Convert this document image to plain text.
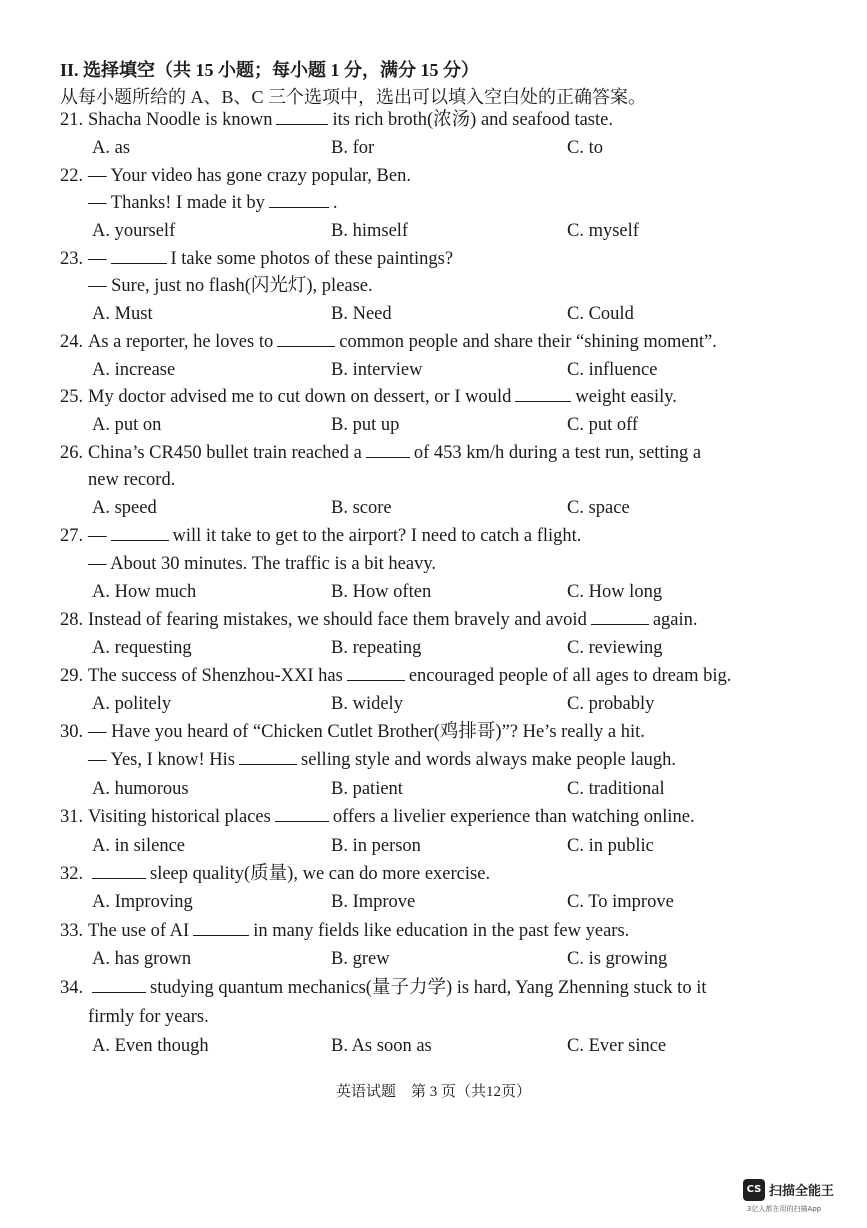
II. 选择填空（共 15 小题；每小题 1 分，满分 15 分）
从每小题所给的 A、B、C 三个选项中，选出可以填入空白处的正确答案。
21. Shacha Noodle is known	its rich broth(浓汤) and seafood taste.
A. as	B. for	C. to
22. — Your video has gone crazy popular, Ben.
— Thanks! I made it by	.
A. yourself	B. himself	C. myself
23. —	I take some photos of these paintings?
— Sure, just no flash(闪光灯), please.
A. Must	B. Need	C. Could
24. As a reporter, he loves to	common people and share their “shining moment”.
A. increase	B. interview	C. influence
25. My doctor advised me to cut down on dessert, or I would	weight easily.
A. put on	B. put up	C. put off
26. China’s CR450 bullet train reached a	of 453 km/h during a test run, setting a
new record.
A. speed	B. score	C. space
27. —	will it take to get to the airport? I need to catch a flight.
— About 30 minutes. The traffic is a bit heavy.
A. How much	B. How often	C. How long
28. Instead of fearing mistakes, we should face them bravely and avoid	again.
A. requesting	B. repeating	C. reviewing
29. The success of Shenzhou-XXI has	encouraged people of all ages to dream big.
A. politely	B. widely	C. probably
30. — Have you heard of “Chicken Cutlet Brother(鸡排哥)”? He’s really a hit.
— Yes, I know! His	selling style and words always make people laugh.
A. humorous	B. patient	C. traditional
31. Visiting historical places	offers a livelier experience than watching online.
A. in silence	B. in person	C. in public
32.	sleep quality(质量), we can do more exercise.
A. Improving	B. Improve	C. To improve
33. The use of AI	in many fields like education in the past few years.
A. has grown	B. grew	C. is growing
34.	studying quantum mechanics(量子力学) is hard, Yang Zhenning stuck to it
firmly for years.
A. Even though	B. As soon as	C. Ever since
英语试题　第 3 页（共12页）
CS 扫描全能王
3亿人都在用的扫描App
